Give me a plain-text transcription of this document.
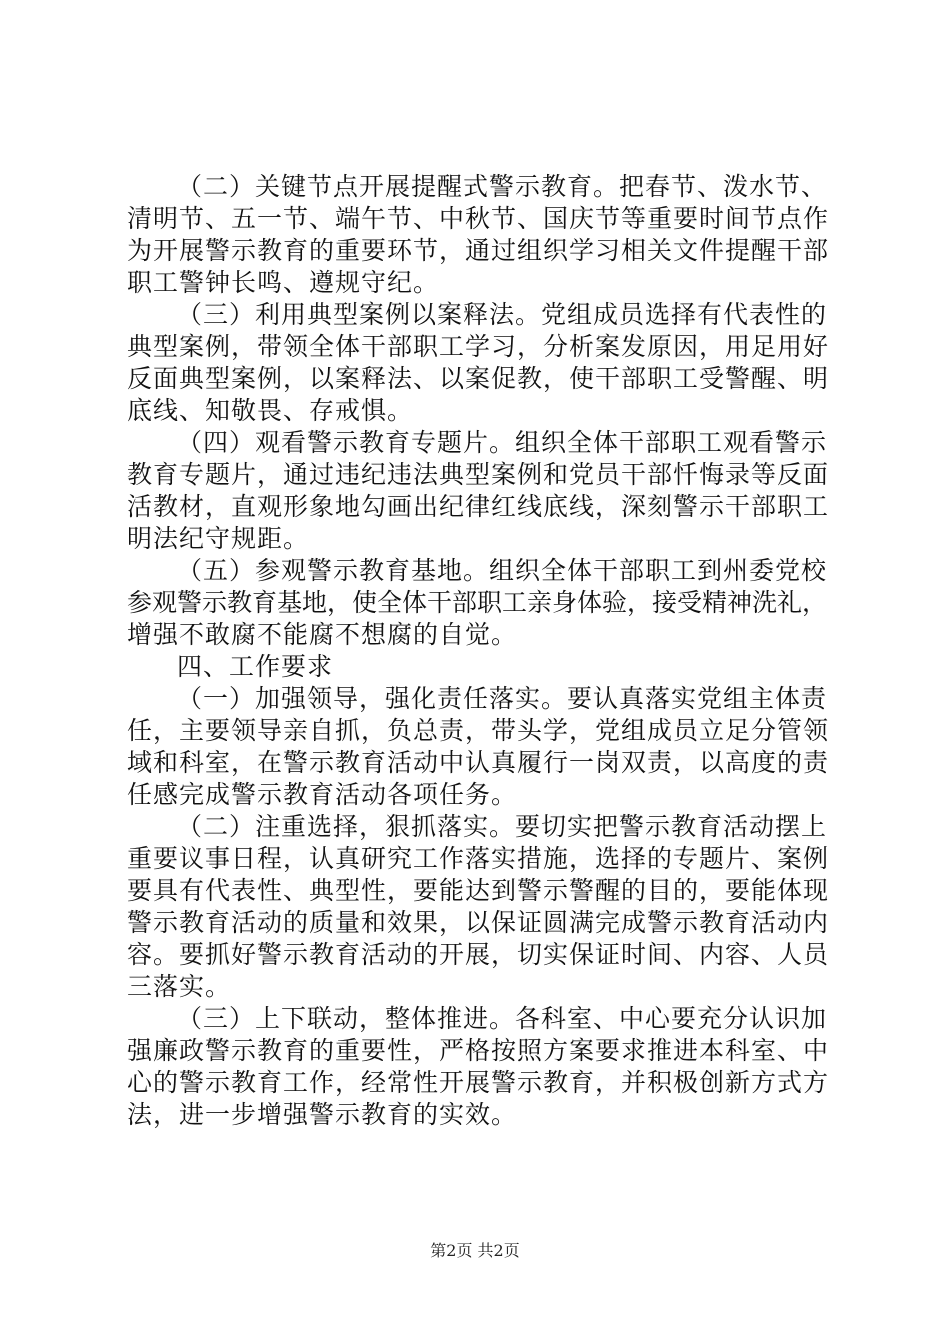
（二）关键节点开展提醒式警示教育。把春节、泼水节、
清明节、五一节、端午节、中秋节、国庆节等重要时间节点作
为开展警示教育的重要环节，通过组织学习相关文件提醒干部
职工警钟长鸣、遵规守纪。
（三）利用典型案例以案释法。党组成员选择有代表性的
典型案例，带领全体干部职工学习，分析案发原因，用足用好
反面典型案例，以案释法、以案促教，使干部职工受警醒、明
底线、知敬畏、存戒惧。
（四）观看警示教育专题片。组织全体干部职工观看警示
教育专题片，通过违纪违法典型案例和党员干部忏悔录等反面
活教材，直观形象地勾画出纪律红线底线，深刻警示干部职工
明法纪守规距。
（五）参观警示教育基地。组织全体干部职工到州委党校
参观警示教育基地，使全体干部职工亲身体验，接受精神洗礼，
增强不敢腐不能腐不想腐的自觉。
四、工作要求
（一）加强领导，强化责任落实。要认真落实党组主体责
任，主要领导亲自抓，负总责，带头学，党组成员立足分管领
域和科室，在警示教育活动中认真履行一岗双责，以高度的责
任感完成警示教育活动各项任务。
（二）注重选择，狠抓落实。要切实把警示教育活动摆上
重要议事日程，认真研究工作落实措施，选择的专题片、案例
要具有代表性、典型性，要能达到警示警醒的目的，要能体现
警示教育活动的质量和效果，以保证圆满完成警示教育活动内
容。要抓好警示教育活动的开展，切实保证时间、内容、人员
三落实。
（三）上下联动，整体推进。各科室、中心要充分认识加
强廉政警示教育的重要性，严格按照方案要求推进本科室、中
心的警示教育工作，经常性开展警示教育，并积极创新方式方
法，进一步增强警示教育的实效。
第2页 共2页
